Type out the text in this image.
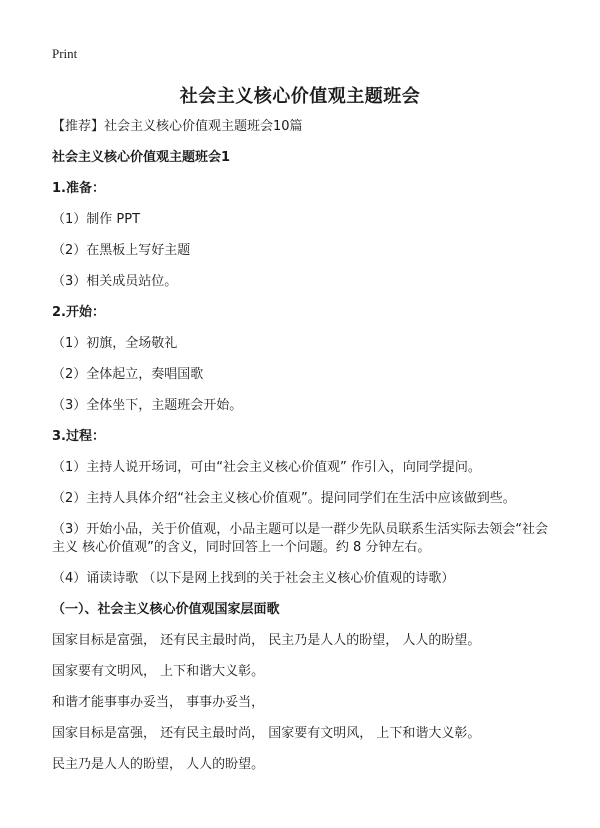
Print
社会主义核心价值观主题班会
【推荐】社会主义核心价值观主题班会10篇
社会主义核心价值观主题班会1
1.准备：
（1）制作 PPT
（2）在黑板上写好主题
（3）相关成员站位。
2.开始：
（1）初旗，全场敬礼
（2）全体起立，奏唱国歌
（3）全体坐下，主题班会开始。
3.过程：
（1）主持人说开场词，可由“社会主义核心价值观” 作引入，向同学提问。
（2）主持人具体介绍“社会主义核心价值观”。提问同学们在生活中应该做到些。
（3）开始小品，关于价值观，小品主题可以是一群少先队员联系生活实际去领会“社会主义 核心价值观”的含义，同时回答上一个问题。约 8 分钟左右。
（4）诵读诗歌 （以下是网上找到的关于社会主义核心价值观的诗歌）
（一）、社会主义核心价值观国家层面歌
国家目标是富强， 还有民主最时尚， 民主乃是人人的盼望， 人人的盼望。
国家要有文明风， 上下和谐大义彰。
和谐才能事事办妥当， 事事办妥当，
国家目标是富强， 还有民主最时尚， 国家要有文明风， 上下和谐大义彰。
民主乃是人人的盼望， 人人的盼望。
